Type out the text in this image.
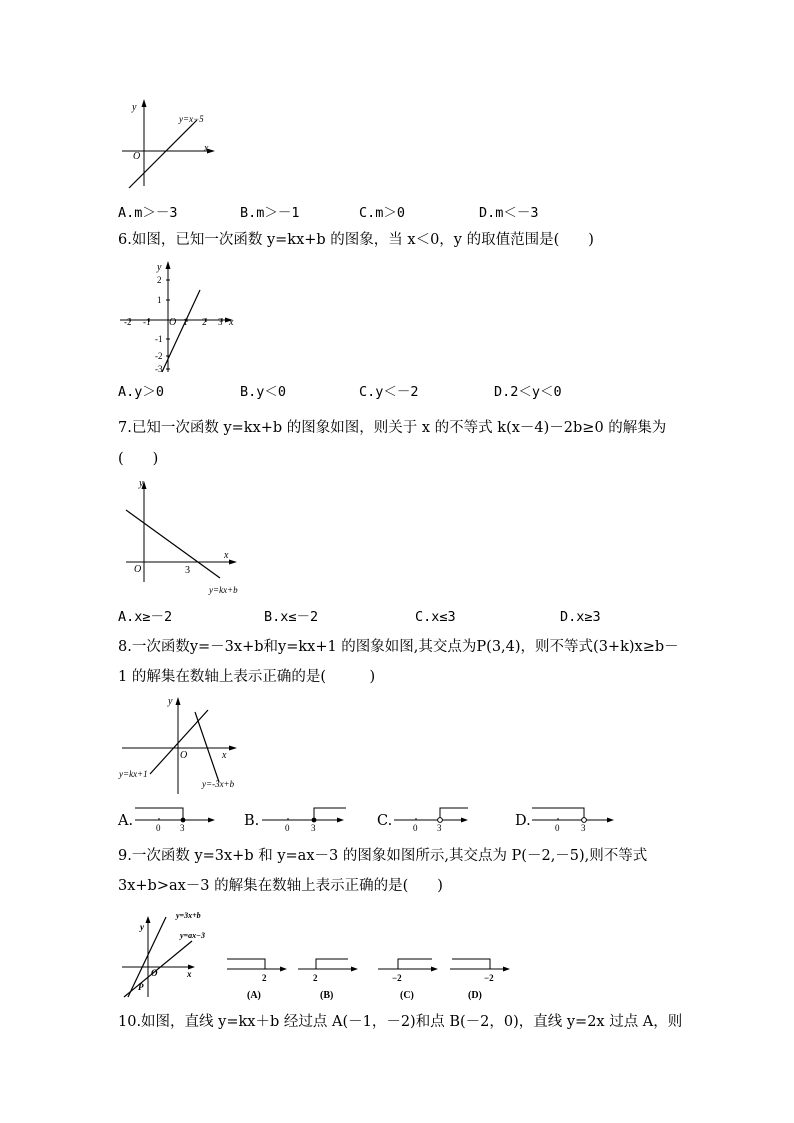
y
x
O
y=x−5
A.m＞－3	B.m＞－1	C.m＞0	D.m＜－3
6.如图，已知一次函数 y=kx+b 的图象，当 x＜0，y 的取值范围是(　　)
y
x
O
-2 -1	1 2 3
2
1
-1
-2
-3
A.y＞0	B.y＜0	C.y＜－2	D.2＜y＜0
7.已知一次函数 y=kx+b 的图象如图，则关于 x 的不等式 k(x－4)－2b≥0 的解集为
(　　)
y
x
O	3
y=kx+b
A.x≥－2	B.x≤－2	C.x≤3	D.x≥3
8.一次函数y=－3x+b和y=kx+1 的图象如图,其交点为P(3,4)，则不等式(3+k)x≥b－
1 的解集在数轴上表示正确的是(　　　)
y
x
O
y=kx+1
y=-3x+b
A.	0 3	B.	0 3	C. 0 3	D.	0 3
9.一次函数 y=3x+b 和 y=ax－3 的图象如图所示,其交点为 P(－2,－5),则不等式
3x+b>ax－3 的解集在数轴上表示正确的是(　　)
y=3x+b
y=ax−3
y
x
O
P
2
(A)
2
(B)
−2
(C)
−2
(D)
10.如图，直线 y=kx＋b 经过点 A(－1，－2)和点 B(－2，0)，直线 y=2x 过点 A，则
